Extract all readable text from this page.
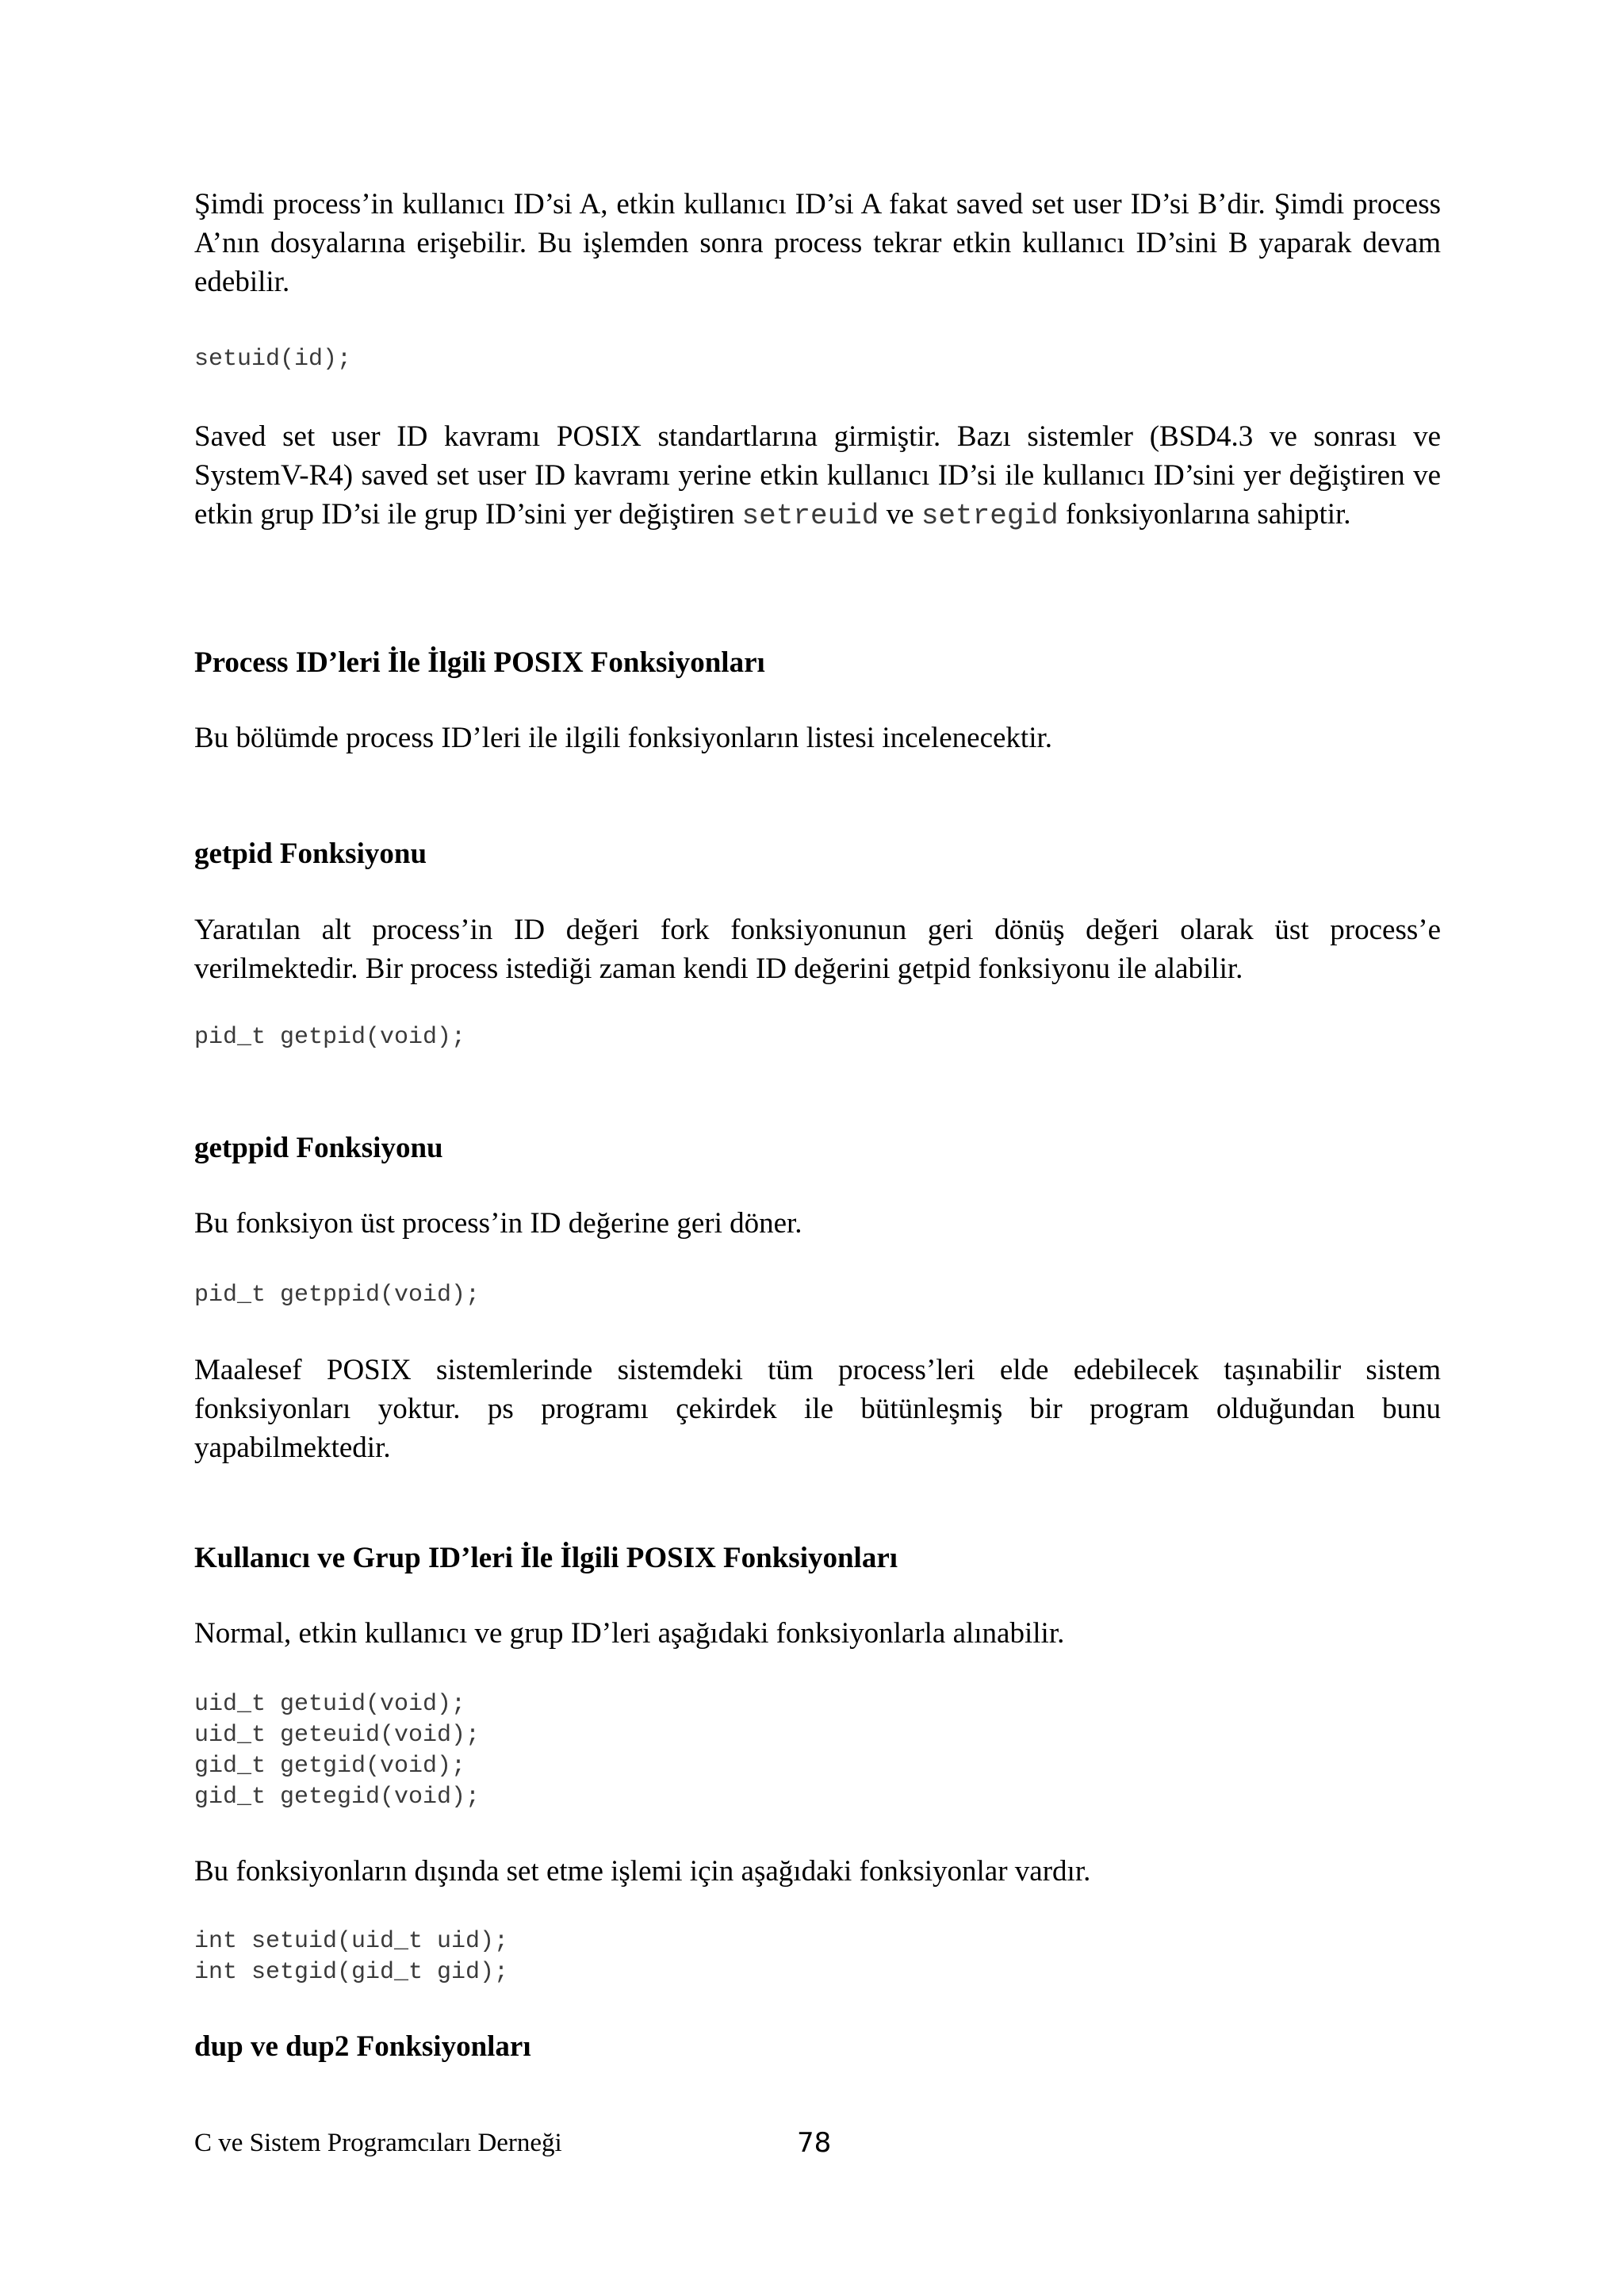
Şimdi process’in kullanıcı ID’si A, etkin kullanıcı ID’si A fakat saved set user ID’si B’dir. Şimdi process A’nın dosyalarına erişebilir. Bu işlemden sonra process tekrar etkin kullanıcı ID’sini B yaparak devam edebilir.

setuid(id);

Saved set user ID kavramı POSIX standartlarına girmiştir. Bazı sistemler (BSD4.3 ve sonrası ve SystemV-R4) saved set user ID kavramı yerine etkin kullanıcı ID’si ile kullanıcı ID’sini yer değiştiren ve etkin grup ID’si ile grup ID’sini yer değiştiren setreuid ve setregid fonksiyonlarına sahiptir.

Process ID’leri İle İlgili POSIX Fonksiyonları

Bu bölümde process ID’leri ile ilgili fonksiyonların listesi incelenecektir.

getpid Fonksiyonu

Yaratılan alt process’in ID değeri fork fonksiyonunun geri dönüş değeri olarak üst process’e verilmektedir. Bir process istediği zaman kendi ID değerini getpid fonksiyonu ile alabilir.

pid_t getpid(void);
getppid Fonksiyonu

Bu fonksiyon üst process’in ID değerine geri döner.

pid_t getppid(void);

Maalesef POSIX sistemlerinde sistemdeki tüm process’leri elde edebilecek taşınabilir sistem fonksiyonları yoktur. ps programı çekirdek ile bütünleşmiş bir program olduğundan bunu yapabilmektedir.

Kullanıcı ve Grup ID’leri İle İlgili POSIX Fonksiyonları

Normal, etkin kullanıcı ve grup ID’leri aşağıdaki fonksiyonlarla alınabilir.

uid_t getuid(void);
uid_t geteuid(void);
gid_t getgid(void);
gid_t getegid(void);

Bu fonksiyonların dışında set etme işlemi için aşağıdaki fonksiyonlar vardır.

int setuid(uid_t uid);
int setgid(gid_t gid);
dup ve dup2 Fonksiyonları
C ve Sistem Programcıları Derneği	78
